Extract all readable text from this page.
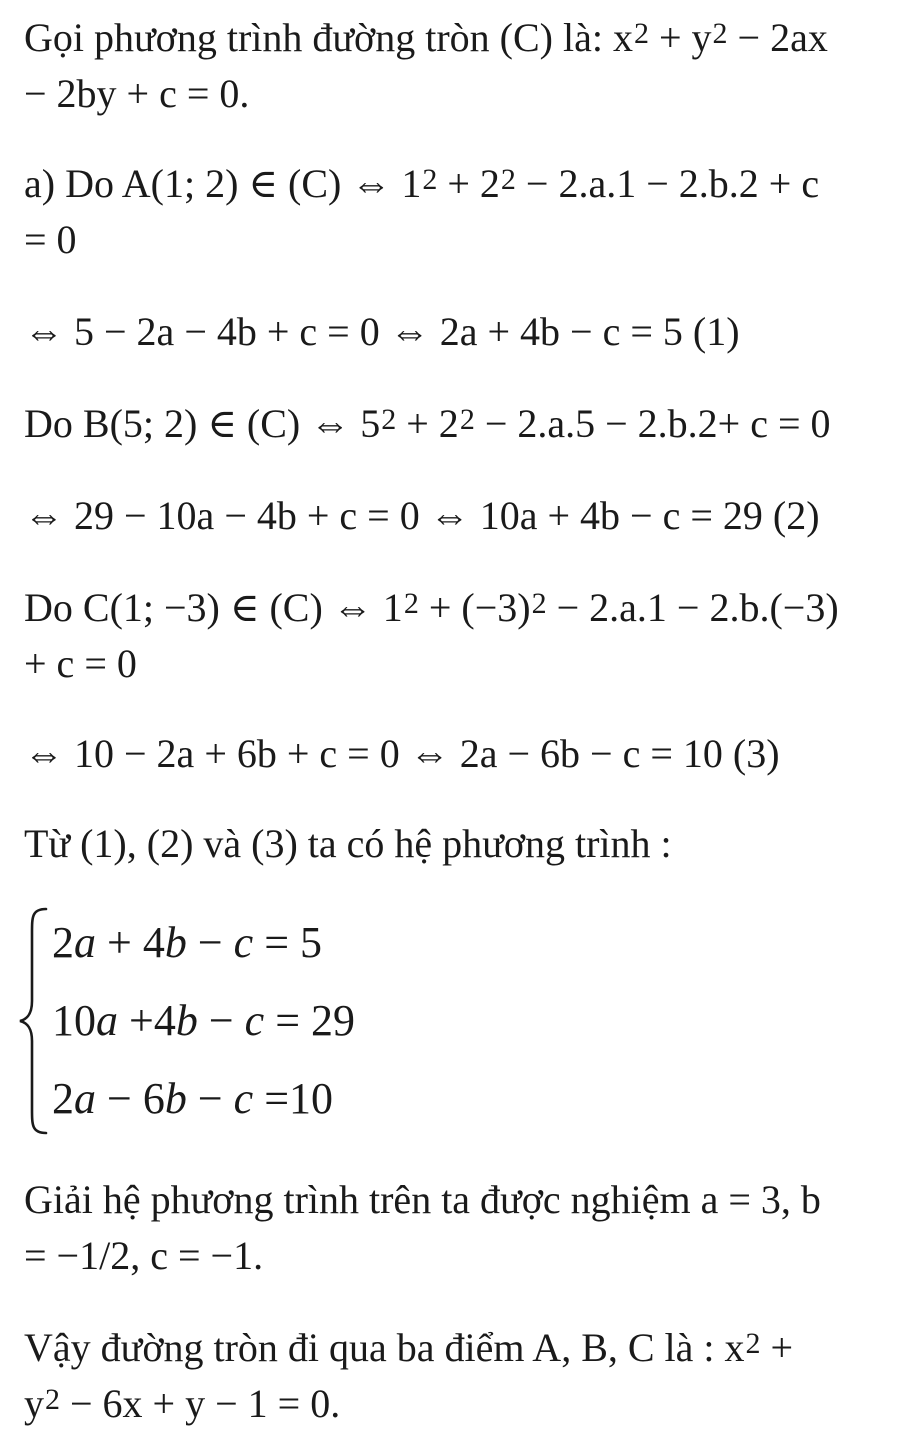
Gọi phương trình đường tròn (C) là: $x^2 + y^2 - 2ax$
− 2by + c = 0.
a) Do A(1; 2) ∈ (C) ⇔ $1^2 + 2^2 - 2.a.1 - 2.b.2 + c$
= 0
⇔ 5 − 2a − 4b + c = 0 ⇔ 2a + 4b − c = 5 (1)
Do B(5; 2) ∈ (C) ⇔ $5^2 + 2^2 - 2.a.5 - 2.b.2+ c = 0$
⇔ 29 − 10a − 4b + c = 0 ⇔ 10a + 4b − c = 29 (2)
Do C(1; −3) ∈ (C) ⇔ $1^2 + (-3)^2 - 2.a.1 - 2.b.(-3)$
+ c = 0
⇔ 10 − 2a + 6b + c = 0 ⇔ 2a − 6b − c = 10 (3)
Từ (1), (2) và (3) ta có hệ phương trình :
2a + 4b − c = 5
10a +4b − c = 29
2a − 6b − c =10
Giải hệ phương trình trên ta được nghiệm a = 3, b
= −1/2, c = −1.
Vậy đường tròn đi qua ba điểm A, B, C là : $x^2$ +
$y^2 - 6x + y - 1 = 0$.
